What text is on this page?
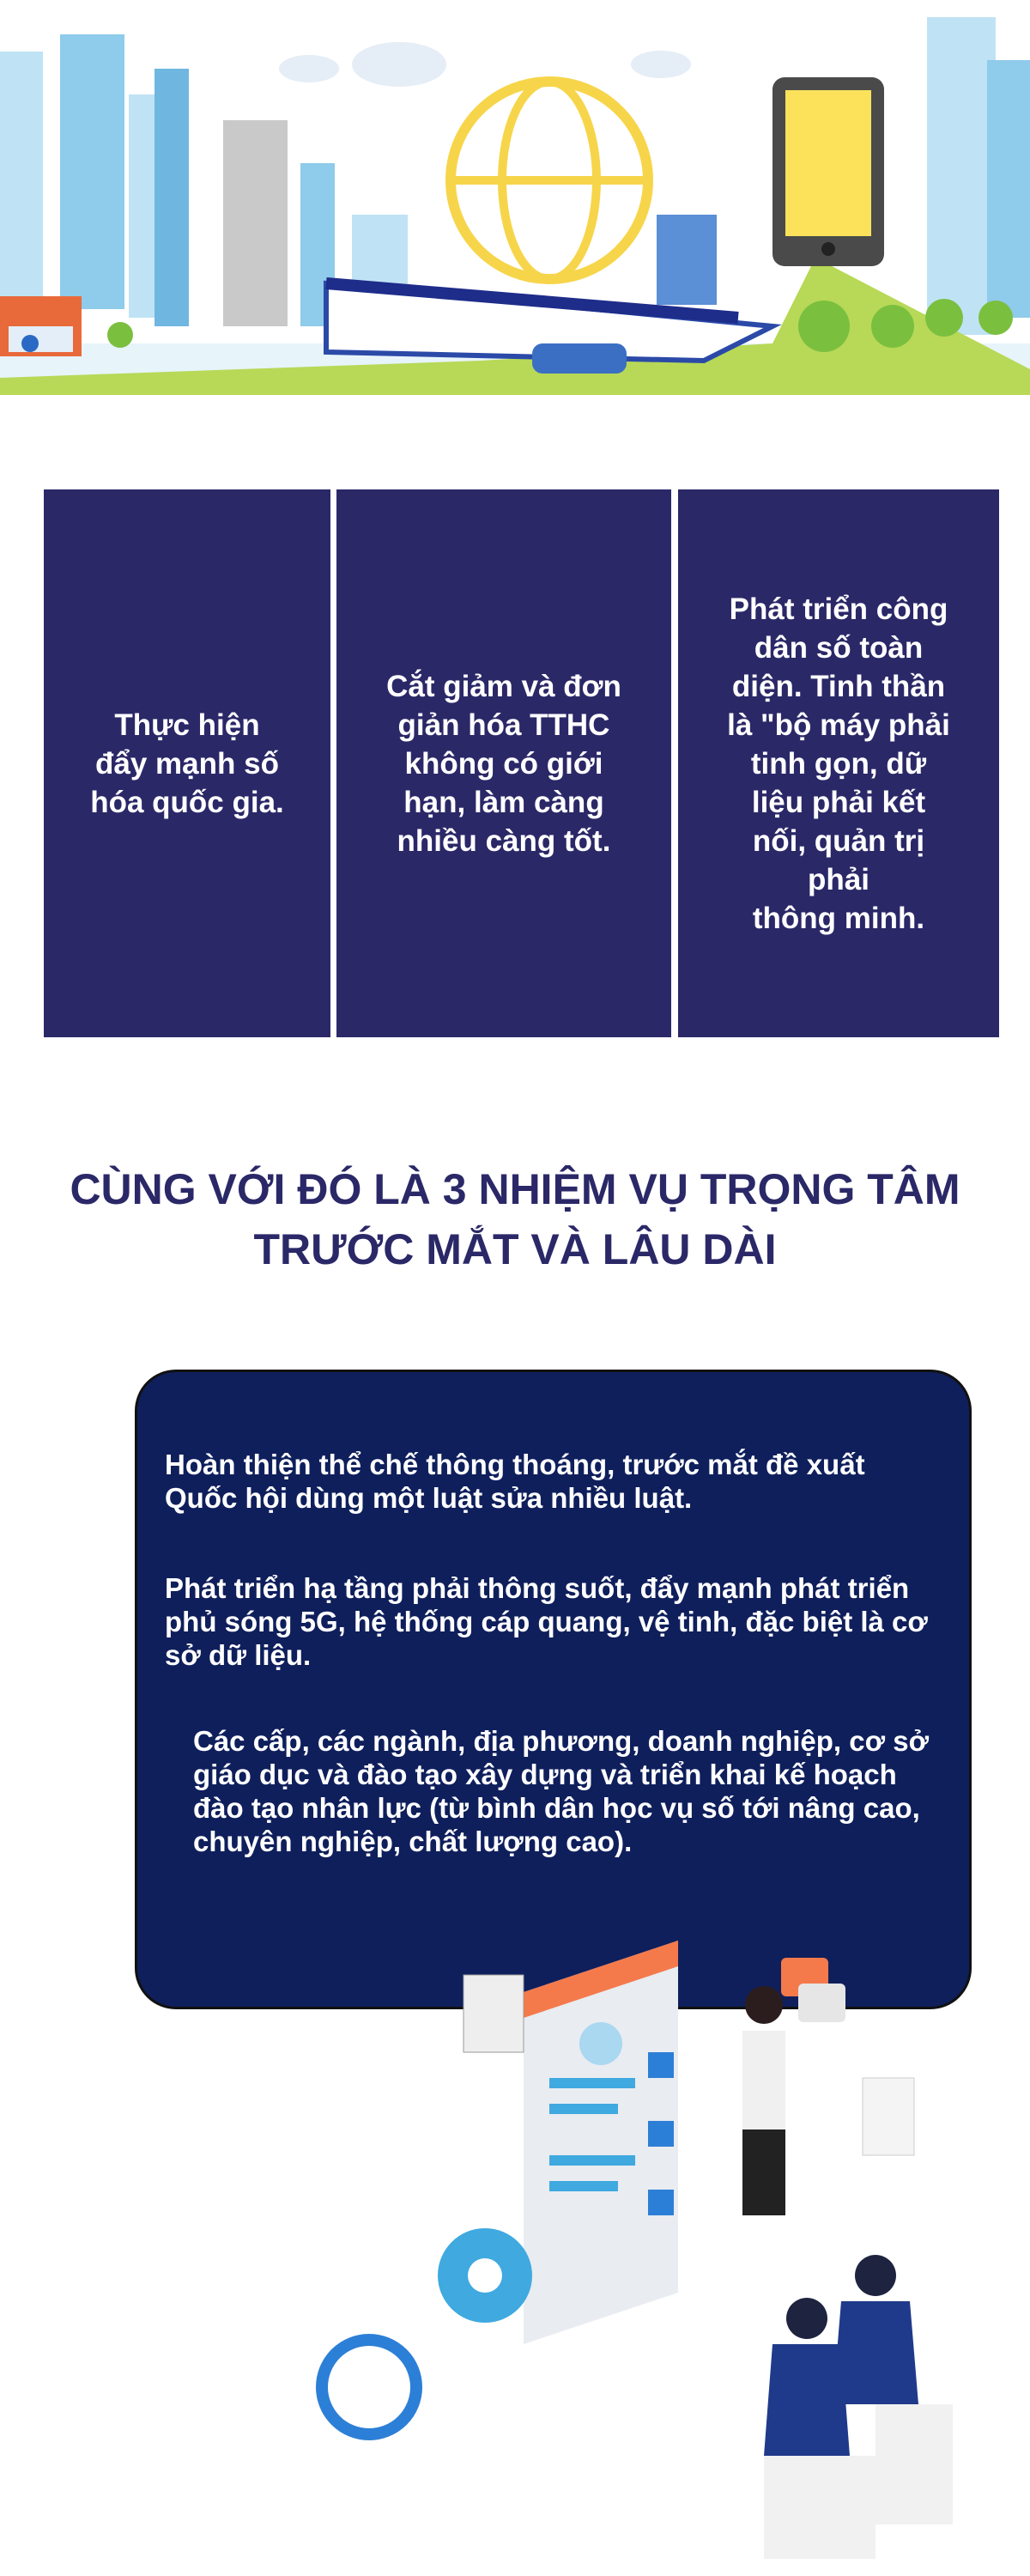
Thực hiện
đẩy mạnh số
hóa quốc gia.
Cắt giảm và đơn
giản hóa TTHC
không có giới
hạn, làm càng
nhiều càng tốt.
Phát triển công
dân số toàn
diện. Tinh thần
là "bộ máy phải
tinh gọn, dữ
liệu phải kết
nối, quản trị
phải
thông minh.
CÙNG VỚI ĐÓ LÀ 3 NHIỆM VỤ TRỌNG TÂM
TRƯỚC MẮT VÀ LÂU DÀI
Hoàn thiện thể chế thông thoáng, trước mắt đề xuất Quốc hội dùng một luật sửa nhiều luật.
Phát triển hạ tầng phải thông suốt, đẩy mạnh phát triển phủ sóng 5G, hệ thống cáp quang, vệ tinh, đặc biệt là cơ sở dữ liệu.
Các cấp, các ngành, địa phương, doanh nghiệp, cơ sở giáo dục và đào tạo xây dựng và triển khai kế hoạch đào tạo nhân lực (từ bình dân học vụ số tới nâng cao, chuyên nghiệp, chất lượng cao).
